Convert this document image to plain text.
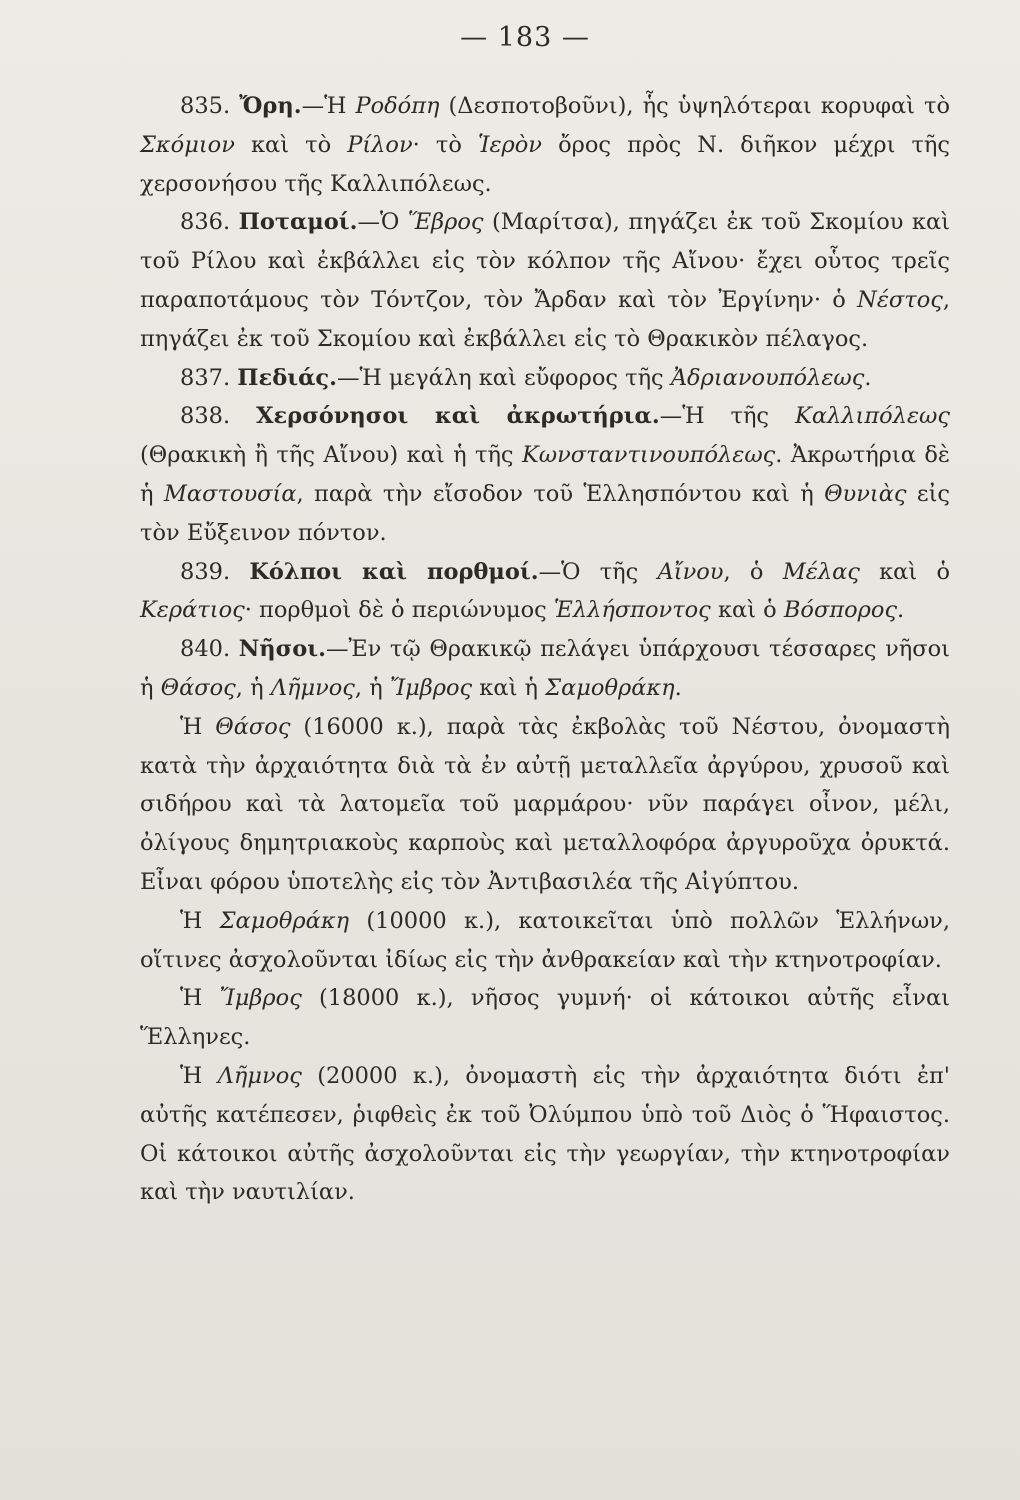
— 183 —

835. Ὄρη.—Ἡ Ροδόπη (Δεσποτοβοῦνι), ἧς ὑψηλότεραι κορυφαὶ τὸ Σκόμιον καὶ τὸ Ρίλον· τὸ Ἱερὸν ὄρος πρὸς Ν. διῆκον μέχρι τῆς χερσονήσου τῆς Καλλιπόλεως.

836. Ποταμοί.—Ὁ Ἕβρος (Μαρίτσα), πηγάζει ἐκ τοῦ Σκομίου καὶ τοῦ Ρίλου καὶ ἐκβάλλει εἰς τὸν κόλπον τῆς Αἴνου· ἔχει οὗτος τρεῖς παραποτάμους τὸν Τόντζον, τὸν Ἄρδαν καὶ τὸν Ἐργίνην· ὁ Νέστος, πηγάζει ἐκ τοῦ Σκομίου καὶ ἐκβάλλει εἰς τὸ Θρακικὸν πέλαγος.

837. Πεδιάς.—Ἡ μεγάλη καὶ εὔφορος τῆς Ἀδριανουπόλεως.

838. Χερσόνησοι καὶ ἀκρωτήρια.—Ἡ τῆς Καλλιπόλεως (Θρακικὴ ἢ τῆς Αἴνου) καὶ ἡ τῆς Κωνσταντινουπόλεως. Ἀκρωτήρια δὲ ἡ Μαστουσία, παρὰ τὴν εἴσοδον τοῦ Ἑλλησπόντου καὶ ἡ Θυνιὰς εἰς τὸν Εὔξεινον πόντον.

839. Κόλποι καὶ πορθμοί.—Ὁ τῆς Αἴνου, ὁ Μέλας καὶ ὁ Κεράτιος· πορθμοὶ δὲ ὁ περιώνυμος Ἑλλήσποντος καὶ ὁ Βόσπορος.

840. Νῆσοι.—Ἐν τῷ Θρακικῷ πελάγει ὑπάρχουσι τέσσαρες νῆσοι ἡ Θάσος, ἡ Λῆμνος, ἡ Ἴμβρος καὶ ἡ Σαμοθράκη.

Ἡ Θάσος (16000 κ.), παρὰ τὰς ἐκβολὰς τοῦ Νέστου, ὀνομαστὴ κατὰ τὴν ἀρχαιότητα διὰ τὰ ἐν αὐτῇ μεταλλεῖα ἀργύρου, χρυσοῦ καὶ σιδήρου καὶ τὰ λατομεῖα τοῦ μαρμάρου· νῦν παράγει οἶνον, μέλι, ὀλίγους δημητριακοὺς καρποὺς καὶ μεταλλοφόρα ἀργυροῦχα ὀρυκτά. Εἶναι φόρου ὑποτελὴς εἰς τὸν Ἀντιβασιλέα τῆς Αἰγύπτου.

Ἡ Σαμοθράκη (10000 κ.), κατοικεῖται ὑπὸ πολλῶν Ἑλλήνων, οἵτινες ἀσχολοῦνται ἰδίως εἰς τὴν ἀνθρακείαν καὶ τὴν κτηνοτροφίαν.

Ἡ Ἴμβρος (18000 κ.), νῆσος γυμνή· οἱ κάτοικοι αὐτῆς εἶναι Ἕλληνες.

Ἡ Λῆμνος (20000 κ.), ὀνομαστὴ εἰς τὴν ἀρχαιότητα διότι ἐπ' αὐτῆς κατέπεσεν, ῥιφθεὶς ἐκ τοῦ Ὀλύμπου ὑπὸ τοῦ Διὸς ὁ Ἥφαιστος. Οἱ κάτοικοι αὐτῆς ἀσχολοῦνται εἰς τὴν γεωργίαν, τὴν κτηνοτροφίαν καὶ τὴν ναυτιλίαν.
